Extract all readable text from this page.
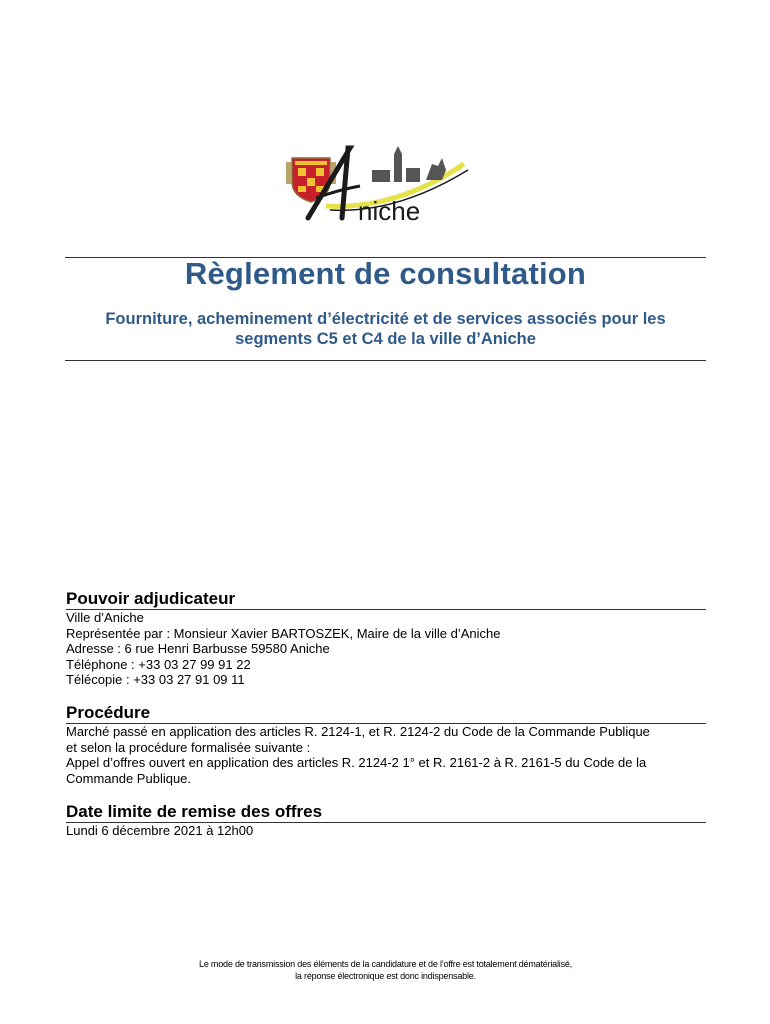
niche
Règlement de consultation
Fourniture, acheminement d’électricité et de services associés pour les
segments C5 et C4 de la ville d’Aniche
Pouvoir adjudicateur

Ville d’Aniche

Représentée par : Monsieur Xavier BARTOSZEK, Maire de la ville d’Aniche

Adresse : 6 rue Henri Barbusse 59580 Aniche

Téléphone : +33 03 27 99 91 22

Télécopie : +33 03 27 91 09 11

Procédure

Marché passé en application des articles R. 2124-1, et R. 2124-2 du Code de la Commande Publique

et selon la procédure formalisée suivante :

Appel d’offres ouvert en application des articles R. 2124-2 1° et R. 2161-2 à R. 2161-5 du Code de la

Commande Publique.

Date limite de remise des offres

Lundi 6 décembre 2021 à 12h00

Le mode de transmission des éléments de la candidature et de l’offre est totalement dématérialisé,
la réponse électronique est donc indispensable.
